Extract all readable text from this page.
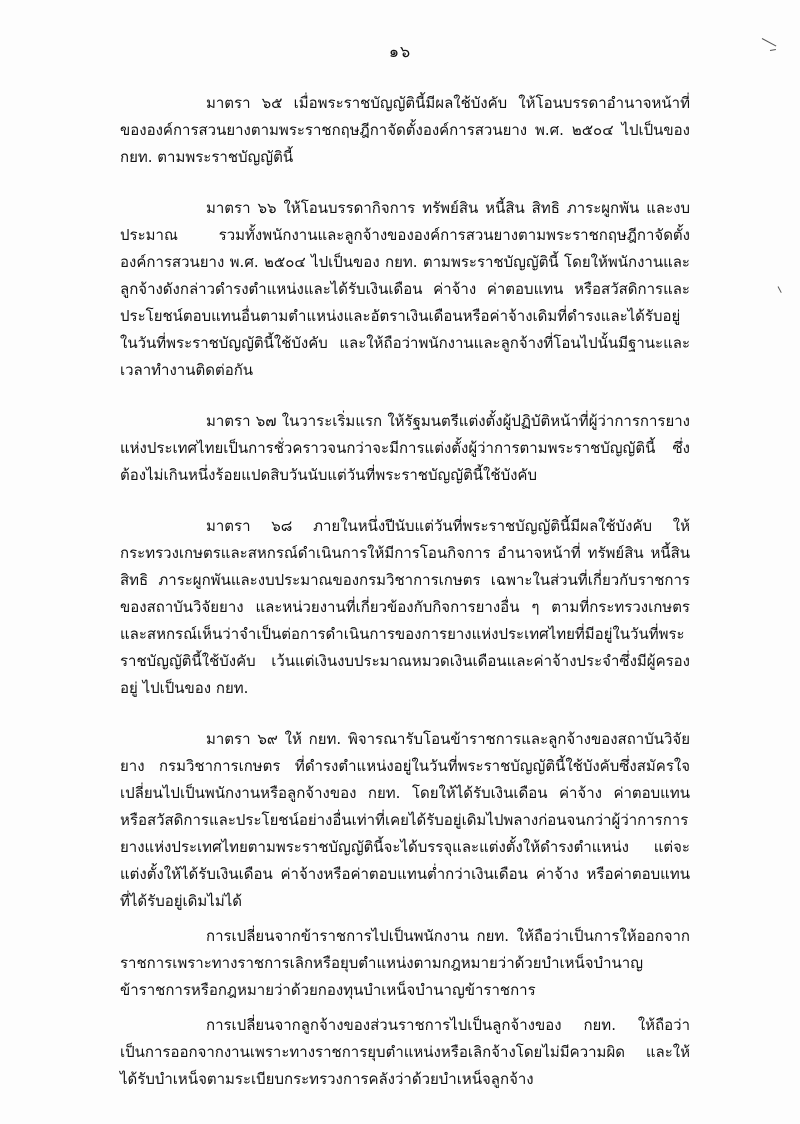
๑๖

มาตรา ๖๕ เมื่อพระราชบัญญัตินี้มีผลใช้บังคับ ให้โอนบรรดาอำนาจหน้าที่ขององค์การสวนยางตามพระราชกฤษฎีกาจัดตั้งองค์การสวนยาง พ.ศ. ๒๕๐๔ ไปเป็นของ กยท. ตามพระราชบัญญัตินี้

มาตรา ๖๖ ให้โอนบรรดากิจการ ทรัพย์สิน หนี้สิน สิทธิ ภาระผูกพัน และงบประมาณ รวมทั้งพนักงานและลูกจ้างขององค์การสวนยางตามพระราชกฤษฎีกาจัดตั้งองค์การสวนยาง พ.ศ. ๒๕๐๔ ไปเป็นของ กยท. ตามพระราชบัญญัตินี้ โดยให้พนักงานและลูกจ้างดังกล่าวดำรงตำแหน่งและได้รับเงินเดือน ค่าจ้าง ค่าตอบแทน หรือสวัสดิการและประโยชน์ตอบแทนอื่นตามตำแหน่งและอัตราเงินเดือนหรือค่าจ้างเดิมที่ดำรงและได้รับอยู่ในวันที่พระราชบัญญัตินี้ใช้บังคับ และให้ถือว่าพนักงานและลูกจ้างที่โอนไปนั้นมีฐานะและเวลาทำงานติดต่อกัน

มาตรา ๖๗ ในวาระเริ่มแรก ให้รัฐมนตรีแต่งตั้งผู้ปฏิบัติหน้าที่ผู้ว่าการการยางแห่งประเทศไทยเป็นการชั่วคราวจนกว่าจะมีการแต่งตั้งผู้ว่าการตามพระราชบัญญัตินี้ ซึ่งต้องไม่เกินหนึ่งร้อยแปดสิบวันนับแต่วันที่พระราชบัญญัตินี้ใช้บังคับ

มาตรา ๖๘ ภายในหนึ่งปีนับแต่วันที่พระราชบัญญัตินี้มีผลใช้บังคับ ให้กระทรวงเกษตรและสหกรณ์ดำเนินการให้มีการโอนกิจการ อำนาจหน้าที่ ทรัพย์สิน หนี้สิน สิทธิ ภาระผูกพันและงบประมาณของกรมวิชาการเกษตร เฉพาะในส่วนที่เกี่ยวกับราชการของสถาบันวิจัยยาง และหน่วยงานที่เกี่ยวข้องกับกิจการยางอื่น ๆ ตามที่กระทรวงเกษตรและสหกรณ์เห็นว่าจำเป็นต่อการดำเนินการของการยางแห่งประเทศไทยที่มีอยู่ในวันที่พระราชบัญญัตินี้ใช้บังคับ เว้นแต่เงินงบประมาณหมวดเงินเดือนและค่าจ้างประจำซึ่งมีผู้ครองอยู่ ไปเป็นของ กยท.

มาตรา ๖๙ ให้ กยท. พิจารณารับโอนข้าราชการและลูกจ้างของสถาบันวิจัยยาง กรมวิชาการเกษตร ที่ดำรงตำแหน่งอยู่ในวันที่พระราชบัญญัตินี้ใช้บังคับซึ่งสมัครใจเปลี่ยนไปเป็นพนักงานหรือลูกจ้างของ กยท. โดยให้ได้รับเงินเดือน ค่าจ้าง ค่าตอบแทน หรือสวัสดิการและประโยชน์อย่างอื่นเท่าที่เคยได้รับอยู่เดิมไปพลางก่อนจนกว่าผู้ว่าการการยางแห่งประเทศไทยตามพระราชบัญญัตินี้จะได้บรรจุและแต่งตั้งให้ดำรงตำแหน่ง แต่จะแต่งตั้งให้ได้รับเงินเดือน ค่าจ้างหรือค่าตอบแทนต่ำกว่าเงินเดือน ค่าจ้าง หรือค่าตอบแทนที่ได้รับอยู่เดิมไม่ได้

การเปลี่ยนจากข้าราชการไปเป็นพนักงาน กยท. ให้ถือว่าเป็นการให้ออกจากราชการเพราะทางราชการเลิกหรือยุบตำแหน่งตามกฎหมายว่าด้วยบำเหน็จบำนาญข้าราชการหรือกฎหมายว่าด้วยกองทุนบำเหน็จบำนาญข้าราชการ

การเปลี่ยนจากลูกจ้างของส่วนราชการไปเป็นลูกจ้างของ กยท. ให้ถือว่าเป็นการออกจากงานเพราะทางราชการยุบตำแหน่งหรือเลิกจ้างโดยไม่มีความผิด และให้ได้รับบำเหน็จตามระเบียบกระทรวงการคลังว่าด้วยบำเหน็จลูกจ้าง
